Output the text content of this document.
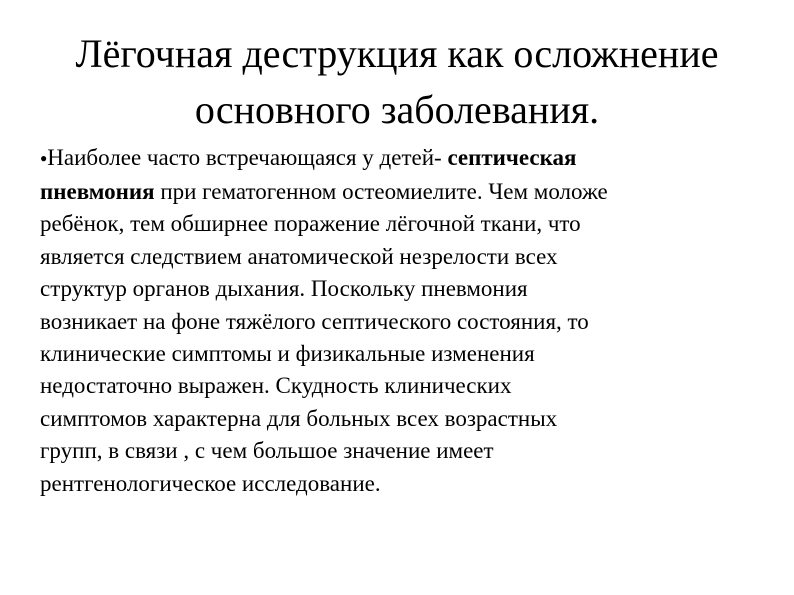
Лёгочная деструкция как осложнение
основного заболевания.
●Наиболее часто встречающаяся у детей- септическая
пневмония при гематогенном остеомиелите. Чем моложе
ребёнок, тем обширнее поражение лёгочной ткани, что
является следствием анатомической незрелости всех
структур органов дыхания. Поскольку пневмония
возникает на фоне тяжёлого септического состояния, то
клинические симптомы и физикальные изменения
недостаточно выражен. Скудность клинических
симптомов характерна для больных всех возрастных
групп, в связи , с чем большое значение имеет
рентгенологическое исследование.
